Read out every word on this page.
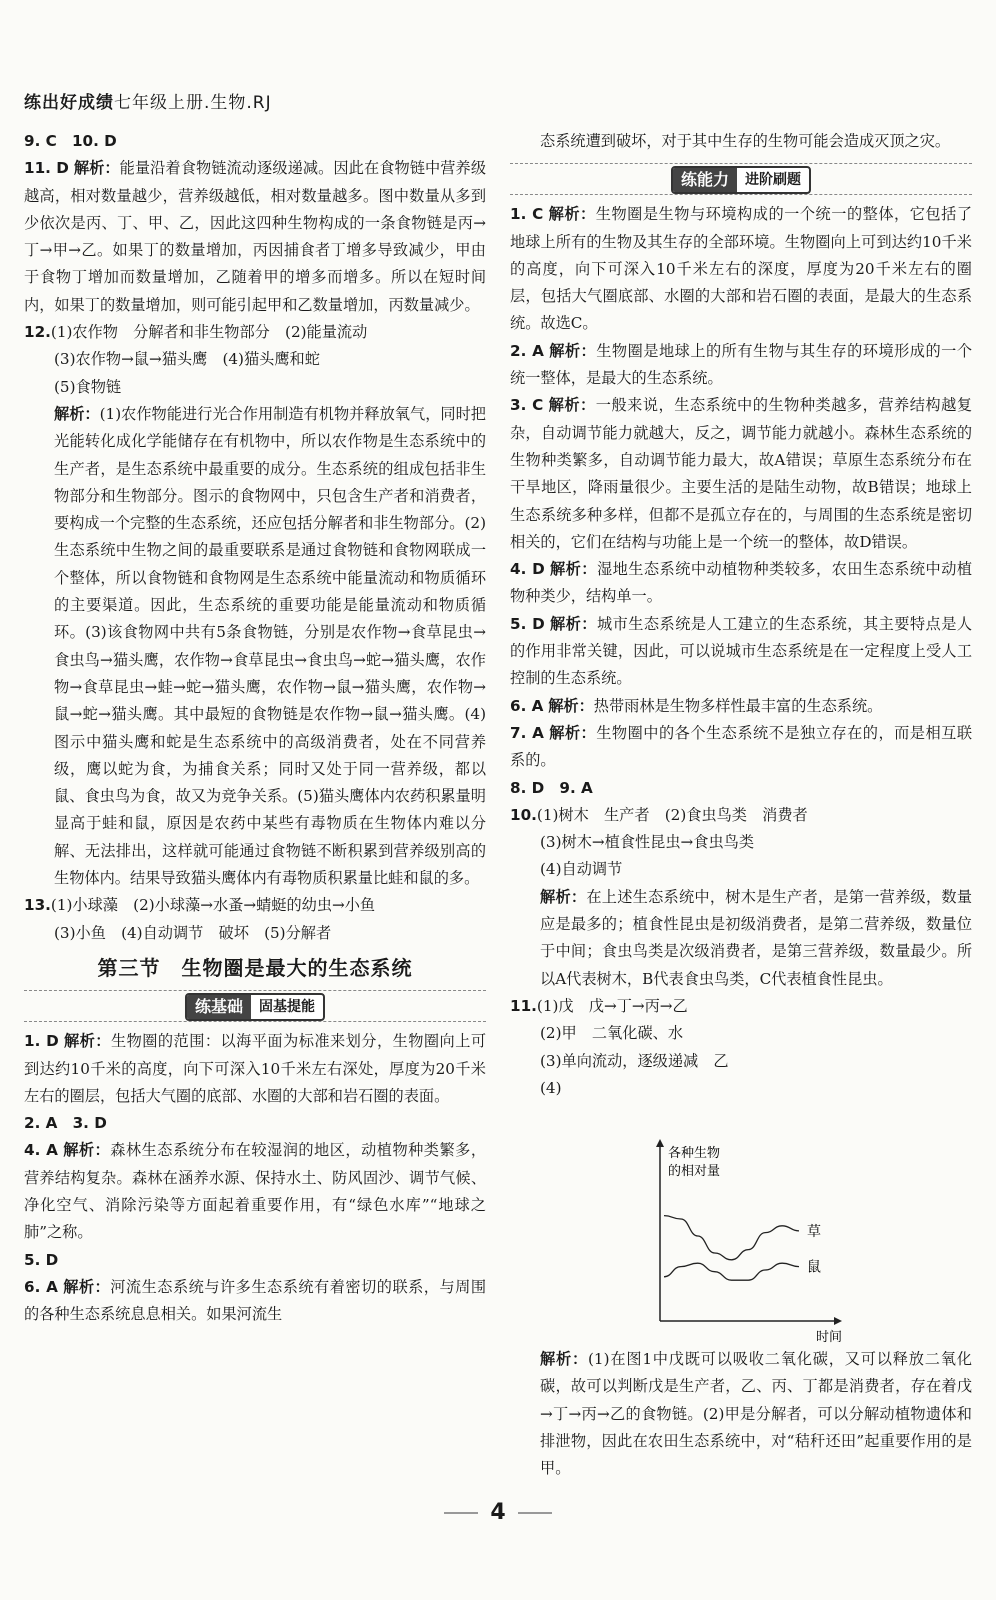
练出好成绩七年级上册.生物.RJ

9. C　10. D

11. D 解析：能量沿着食物链流动逐级递减。因此在食物链中营养级越高，相对数量越少，营养级越低，相对数量越多。图中数量从多到少依次是丙、丁、甲、乙，因此这四种生物构成的一条食物链是丙→丁→甲→乙。如果丁的数量增加，丙因捕食者丁增多导致减少，甲由于食物丁增加而数量增加，乙随着甲的增多而增多。所以在短时间内，如果丁的数量增加，则可能引起甲和乙数量增加，丙数量减少。

12.(1)农作物　分解者和非生物部分　(2)能量流动

(3)农作物→鼠→猫头鹰　(4)猫头鹰和蛇

(5)食物链

解析：(1)农作物能进行光合作用制造有机物并释放氧气，同时把光能转化成化学能储存在有机物中，所以农作物是生态系统中的生产者，是生态系统中最重要的成分。生态系统的组成包括非生物部分和生物部分。图示的食物网中，只包含生产者和消费者，要构成一个完整的生态系统，还应包括分解者和非生物部分。(2)生态系统中生物之间的最重要联系是通过食物链和食物网联成一个整体，所以食物链和食物网是生态系统中能量流动和物质循环的主要渠道。因此，生态系统的重要功能是能量流动和物质循环。(3)该食物网中共有5条食物链，分别是农作物→食草昆虫→食虫鸟→猫头鹰，农作物→食草昆虫→食虫鸟→蛇→猫头鹰，农作物→食草昆虫→蛙→蛇→猫头鹰，农作物→鼠→猫头鹰，农作物→鼠→蛇→猫头鹰。其中最短的食物链是农作物→鼠→猫头鹰。(4)图示中猫头鹰和蛇是生态系统中的高级消费者，处在不同营养级，鹰以蛇为食，为捕食关系；同时又处于同一营养级，都以鼠、食虫鸟为食，故又为竞争关系。(5)猫头鹰体内农药积累量明显高于蛙和鼠，原因是农药中某些有毒物质在生物体内难以分解、无法排出，这样就可能通过食物链不断积累到营养级别高的生物体内。结果导致猫头鹰体内有毒物质积累量比蛙和鼠的多。

13.(1)小球藻　(2)小球藻→水蚤→蜻蜓的幼虫→小鱼

(3)小鱼　(4)自动调节　破坏　(5)分解者

第三节　生物圈是最大的生态系统
练基础	固基提能

1. D 解析：生物圈的范围：以海平面为标准来划分，生物圈向上可到达约10千米的高度，向下可深入10千米左右深处，厚度为20千米左右的圈层，包括大气圈的底部、水圈的大部和岩石圈的表面。

2. A　3. D

4. A 解析：森林生态系统分布在较湿润的地区，动植物种类繁多，营养结构复杂。森林在涵养水源、保持水土、防风固沙、调节气候、净化空气、消除污染等方面起着重要作用，有“绿色水库”“地球之肺”之称。

5. D

6. A 解析：河流生态系统与许多生态系统有着密切的联系，与周围的各种生态系统息息相关。如果河流生

态系统遭到破坏，对于其中生存的生物可能会造成灭顶之灾。

练能力	进阶刷题

1. C 解析：生物圈是生物与环境构成的一个统一的整体，它包括了地球上所有的生物及其生存的全部环境。生物圈向上可到达约10千米的高度，向下可深入10千米左右的深度，厚度为20千米左右的圈层，包括大气圈底部、水圈的大部和岩石圈的表面，是最大的生态系统。故选C。

2. A 解析：生物圈是地球上的所有生物与其生存的环境形成的一个统一整体，是最大的生态系统。

3. C 解析：一般来说，生态系统中的生物种类越多，营养结构越复杂，自动调节能力就越大，反之，调节能力就越小。森林生态系统的生物种类繁多，自动调节能力最大，故A错误；草原生态系统分布在干旱地区，降雨量很少。主要生活的是陆生动物，故B错误；地球上生态系统多种多样，但都不是孤立存在的，与周围的生态系统是密切相关的，它们在结构与功能上是一个统一的整体，故D错误。

4. D 解析：湿地生态系统中动植物种类较多，农田生态系统中动植物种类少，结构单一。

5. D 解析：城市生态系统是人工建立的生态系统，其主要特点是人的作用非常关键，因此，可以说城市生态系统是在一定程度上受人工控制的生态系统。

6. A 解析：热带雨林是生物多样性最丰富的生态系统。

7. A 解析：生物圈中的各个生态系统不是独立存在的，而是相互联系的。

8. D　9. A

10.(1)树木　生产者　(2)食虫鸟类　消费者

(3)树木→植食性昆虫→食虫鸟类

(4)自动调节

解析：在上述生态系统中，树木是生产者，是第一营养级，数量应是最多的；植食性昆虫是初级消费者，是第二营养级，数量位于中间；食虫鸟类是次级消费者，是第三营养级，数量最少。所以A代表树木，B代表食虫鸟类，C代表植食性昆虫。

11.(1)戊　戊→丁→丙→乙

(2)甲　二氧化碳、水

(3)单向流动，逐级递减　乙

(4)

各种生物
的相对量
时间
草
鼠

解析：(1)在图1中戊既可以吸收二氧化碳，又可以释放二氧化碳，故可以判断戊是生产者，乙、丙、丁都是消费者，存在着戊→丁→丙→乙的食物链。(2)甲是分解者，可以分解动植物遗体和排泄物，因此在农田生态系统中，对“秸秆还田”起重要作用的是甲。

4
